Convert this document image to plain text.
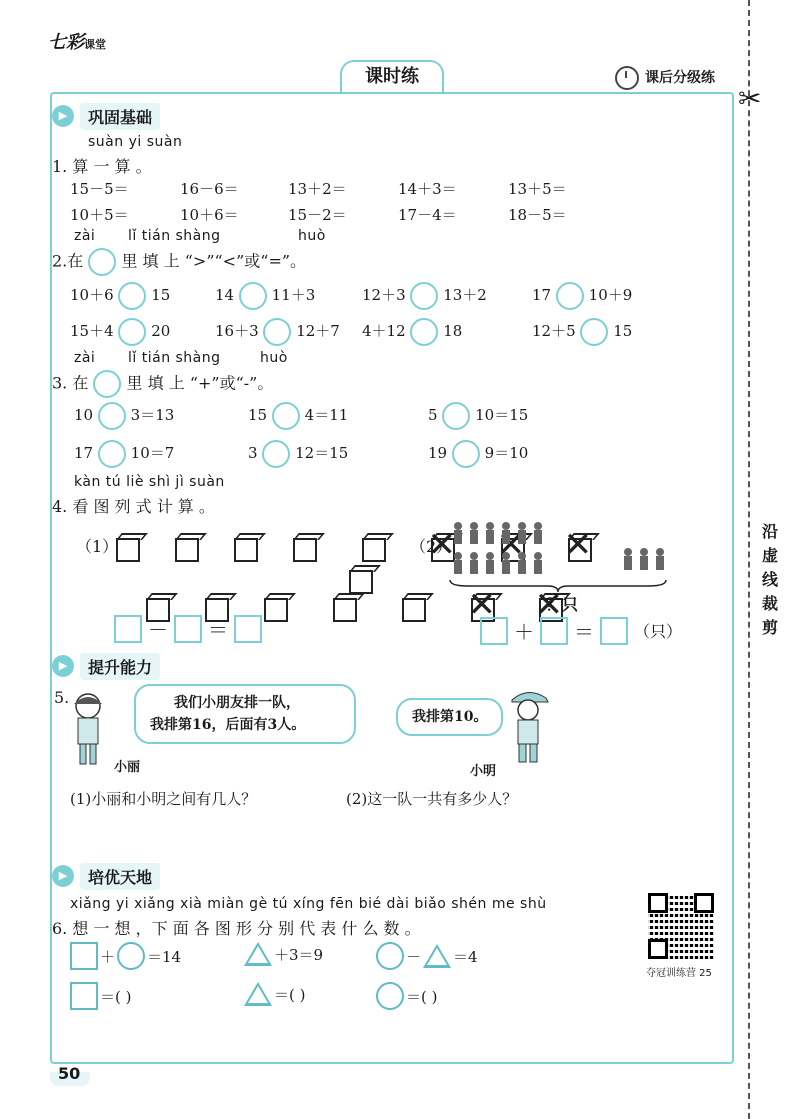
七彩课堂
课时练	课后分级练
✂
沿
虚
线
裁
剪
▶	巩固基础
suàn yi suàn
1. 算 一 算 。
15－5＝	16－6＝	13＋2＝	14＋3＝	13＋5＝
10＋5＝	10＋6＝	15－2＝	17－4＝	18－5＝
zài lǐ tián shàng	huò
2.在 里 填 上 “>”“<”或“=”。
10＋6	15	14	11＋3	12＋3	13＋2	17	10＋9
15＋4	20	16＋3	12＋7 4＋12	18	12＋5	15
zài lǐ tián shàng	huò
3. 在 里 填 上 “+”或“-”。
10	3＝13	15	4＝11	5	10＝15
17	10＝7	3	12＝15	19	9＝10
kàn tú liè shì jì suàn
4. 看 图 列 式 计 算 。
（1）
✕ ✕ ✕       ✕ ✕	（2）
？只
－ ＝	＋ ＝	（只）
▶	提升能力
5.	我们小朋友排一队，
我排第16，后面有3人。
小丽
我排第10。
小明
(1)小丽和小明之间有几人？	(2)这一队一共有多少人？
▶	培优天地
xiǎng yi xiǎng xià miàn gè tú xíng fēn bié dài biǎo shén me shù
6. 想 一 想 ，下 面 各 图 形 分 别 代 表 什 么 数 。
＋ ＝14	＋3＝9	－ ＝4
＝( )	＝( )	＝( )
夺冠训练营 25
50
